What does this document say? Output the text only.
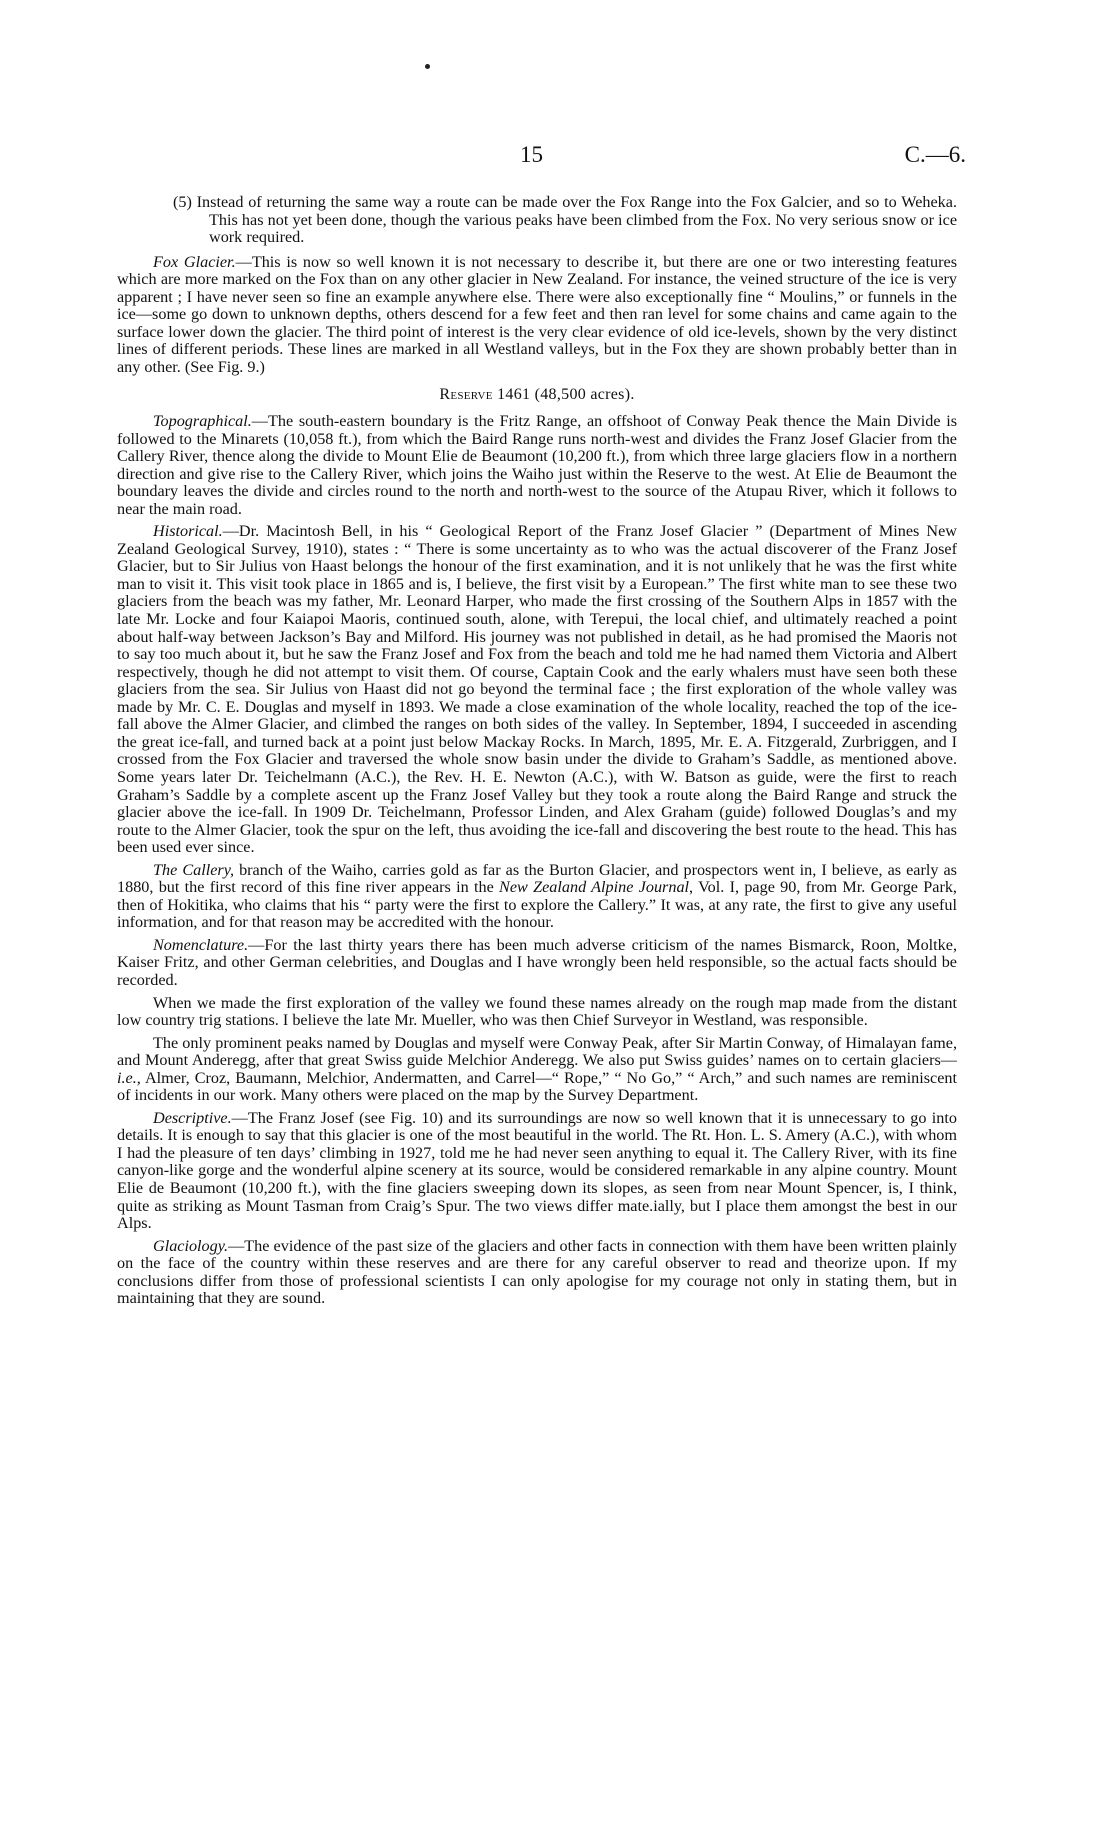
15	C.—6.

(5) Instead of returning the same way a route can be made over the Fox Range into the Fox Galcier, and so to Weheka. This has not yet been done, though the various peaks have been climbed from the Fox. No very serious snow or ice work required.

Fox Glacier.—This is now so well known it is not necessary to describe it, but there are one or two interesting features which are more marked on the Fox than on any other glacier in New Zealand. For instance, the veined structure of the ice is very apparent ; I have never seen so fine an example anywhere else. There were also exceptionally fine “ Moulins,” or funnels in the ice—some go down to unknown depths, others descend for a few feet and then ran level for some chains and came again to the surface lower down the glacier. The third point of interest is the very clear evidence of old ice-levels, shown by the very distinct lines of different periods. These lines are marked in all Westland valleys, but in the Fox they are shown probably better than in any other. (See Fig. 9.)

Reserve 1461 (48,500 acres).

Topographical.—The south-eastern boundary is the Fritz Range, an offshoot of Conway Peak thence the Main Divide is followed to the Minarets (10,058 ft.), from which the Baird Range runs north-west and divides the Franz Josef Glacier from the Callery River, thence along the divide to Mount Elie de Beaumont (10,200 ft.), from which three large glaciers flow in a northern direction and give rise to the Callery River, which joins the Waiho just within the Reserve to the west. At Elie de Beaumont the boundary leaves the divide and circles round to the north and north-west to the source of the Atupau River, which it follows to near the main road.

Historical.—Dr. Macintosh Bell, in his “ Geological Report of the Franz Josef Glacier ” (Department of Mines New Zealand Geological Survey, 1910), states : “ There is some uncertainty as to who was the actual discoverer of the Franz Josef Glacier, but to Sir Julius von Haast belongs the honour of the first examination, and it is not unlikely that he was the first white man to visit it. This visit took place in 1865 and is, I believe, the first visit by a European.” The first white man to see these two glaciers from the beach was my father, Mr. Leonard Harper, who made the first crossing of the Southern Alps in 1857 with the late Mr. Locke and four Kaiapoi Maoris, continued south, alone, with Terepui, the local chief, and ultimately reached a point about half-way between Jackson’s Bay and Milford. His journey was not published in detail, as he had promised the Maoris not to say too much about it, but he saw the Franz Josef and Fox from the beach and told me he had named them Victoria and Albert respectively, though he did not attempt to visit them. Of course, Captain Cook and the early whalers must have seen both these glaciers from the sea. Sir Julius von Haast did not go beyond the terminal face ; the first exploration of the whole valley was made by Mr. C. E. Douglas and myself in 1893. We made a close examination of the whole locality, reached the top of the ice-fall above the Almer Glacier, and climbed the ranges on both sides of the valley. In September, 1894, I succeeded in ascending the great ice-fall, and turned back at a point just below Mackay Rocks. In March, 1895, Mr. E. A. Fitzgerald, Zurbriggen, and I crossed from the Fox Glacier and traversed the whole snow basin under the divide to Graham’s Saddle, as mentioned above. Some years later Dr. Teichelmann (A.C.), the Rev. H. E. Newton (A.C.), with W. Batson as guide, were the first to reach Graham’s Saddle by a complete ascent up the Franz Josef Valley but they took a route along the Baird Range and struck the glacier above the ice-fall. In 1909 Dr. Teichelmann, Professor Linden, and Alex Graham (guide) followed Douglas’s and my route to the Almer Glacier, took the spur on the left, thus avoiding the ice-fall and discovering the best route to the head. This has been used ever since.

The Callery, branch of the Waiho, carries gold as far as the Burton Glacier, and prospectors went in, I believe, as early as 1880, but the first record of this fine river appears in the New Zealand Alpine Journal, Vol. I, page 90, from Mr. George Park, then of Hokitika, who claims that his “ party were the first to explore the Callery.” It was, at any rate, the first to give any useful information, and for that reason may be accredited with the honour.

Nomenclature.—For the last thirty years there has been much adverse criticism of the names Bismarck, Roon, Moltke, Kaiser Fritz, and other German celebrities, and Douglas and I have wrongly been held responsible, so the actual facts should be recorded.

When we made the first exploration of the valley we found these names already on the rough map made from the distant low country trig stations. I believe the late Mr. Mueller, who was then Chief Surveyor in Westland, was responsible.

The only prominent peaks named by Douglas and myself were Conway Peak, after Sir Martin Conway, of Himalayan fame, and Mount Anderegg, after that great Swiss guide Melchior Anderegg. We also put Swiss guides’ names on to certain glaciers—i.e., Almer, Croz, Baumann, Melchior, Andermatten, and Carrel—“ Rope,” “ No Go,” “ Arch,” and such names are reminiscent of incidents in our work. Many others were placed on the map by the Survey Department.

Descriptive.—The Franz Josef (see Fig. 10) and its surroundings are now so well known that it is unnecessary to go into details. It is enough to say that this glacier is one of the most beautiful in the world. The Rt. Hon. L. S. Amery (A.C.), with whom I had the pleasure of ten days’ climbing in 1927, told me he had never seen anything to equal it. The Callery River, with its fine canyon-like gorge and the wonderful alpine scenery at its source, would be considered remarkable in any alpine country. Mount Elie de Beaumont (10,200 ft.), with the fine glaciers sweeping down its slopes, as seen from near Mount Spencer, is, I think, quite as striking as Mount Tasman from Craig’s Spur. The two views differ mate.ially, but I place them amongst the best in our Alps.

Glaciology.—The evidence of the past size of the glaciers and other facts in connection with them have been written plainly on the face of the country within these reserves and are there for any careful observer to read and theorize upon. If my conclusions differ from those of professional scientists I can only apologise for my courage not only in stating them, but in maintaining that they are sound.
